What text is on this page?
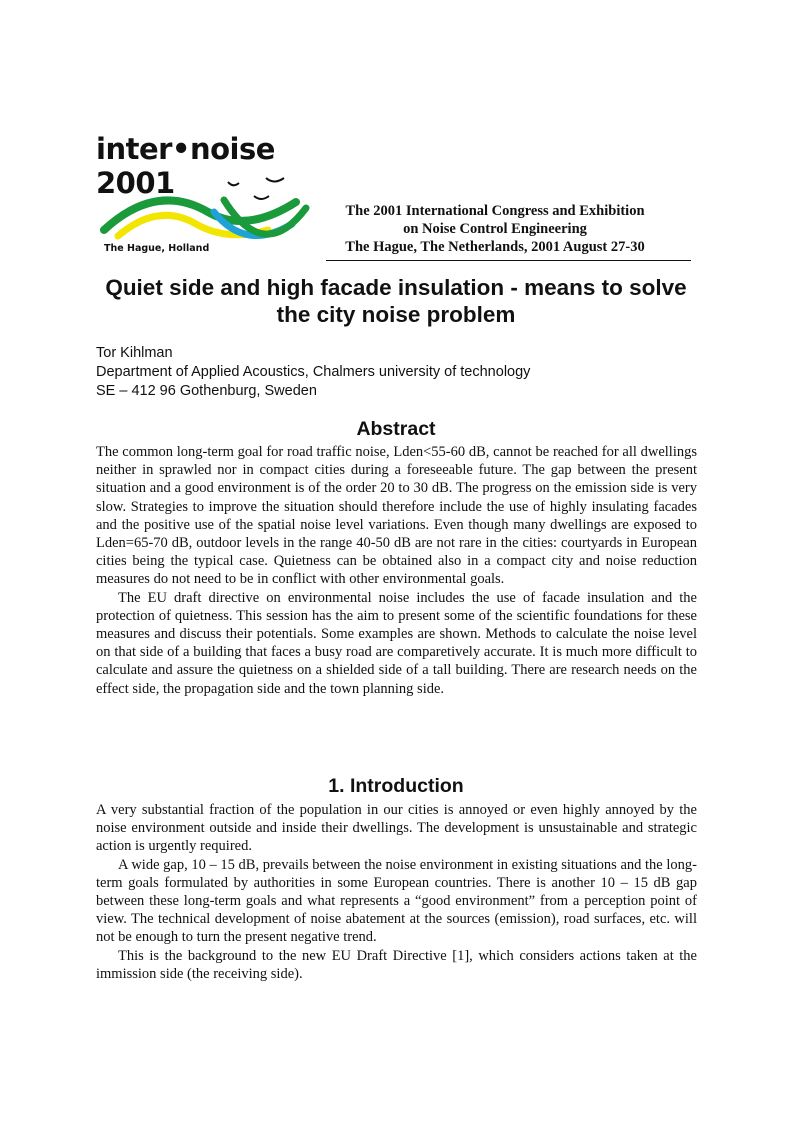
inter•noise 2001
The Hague, Holland
The 2001 International Congress and Exhibition
on Noise Control Engineering
The Hague, The Netherlands, 2001 August 27-30
Quiet side and high facade insulation - means to solve the city noise problem
Tor Kihlman
Department of Applied Acoustics, Chalmers university of technology
SE – 412 96 Gothenburg, Sweden
Abstract

The common long-term goal for road traffic noise, Lden<55-60 dB, cannot be reached for all dwellings neither in sprawled nor in compact cities during a foreseeable future. The gap between the present situation and a good environment is of the order 20 to 30 dB. The progress on the emission side is very slow. Strategies to improve the situation should therefore include the use of highly insulating facades and the positive use of the spatial noise level variations. Even though many dwellings are exposed to Lden=65-70 dB, outdoor levels in the range 40-50 dB are not rare in the cities: courtyards in European cities being the typical case. Quietness can be obtained also in a compact city and noise reduction measures do not need to be in conflict with other environmental goals.

The EU draft directive on environmental noise includes the use of facade insulation and the protection of quietness. This session has the aim to present some of the scientific foundations for these measures and discuss their potentials. Some examples are shown. Methods to calculate the noise level on that side of a building that faces a busy road are comparetively accurate. It is much more difficult to calculate and assure the quietness on a shielded side of a tall building. There are research needs on the effect side, the propagation side and the town planning side.

1. Introduction

A very substantial fraction of the population in our cities is annoyed or even highly annoyed by the noise environment outside and inside their dwellings. The development is unsustainable and strategic action is urgently required.

A wide gap, 10 – 15 dB, prevails between the noise environment in existing situations and the long-term goals formulated by authorities in some European countries. There is another 10 – 15 dB gap between these long-term goals and what represents a “good environment” from a perception point of view. The technical development of noise abatement at the sources (emission), road surfaces, etc. will not be enough to turn the present negative trend.

This is the background to the new EU Draft Directive [1], which considers actions taken at the immission side (the receiving side).
